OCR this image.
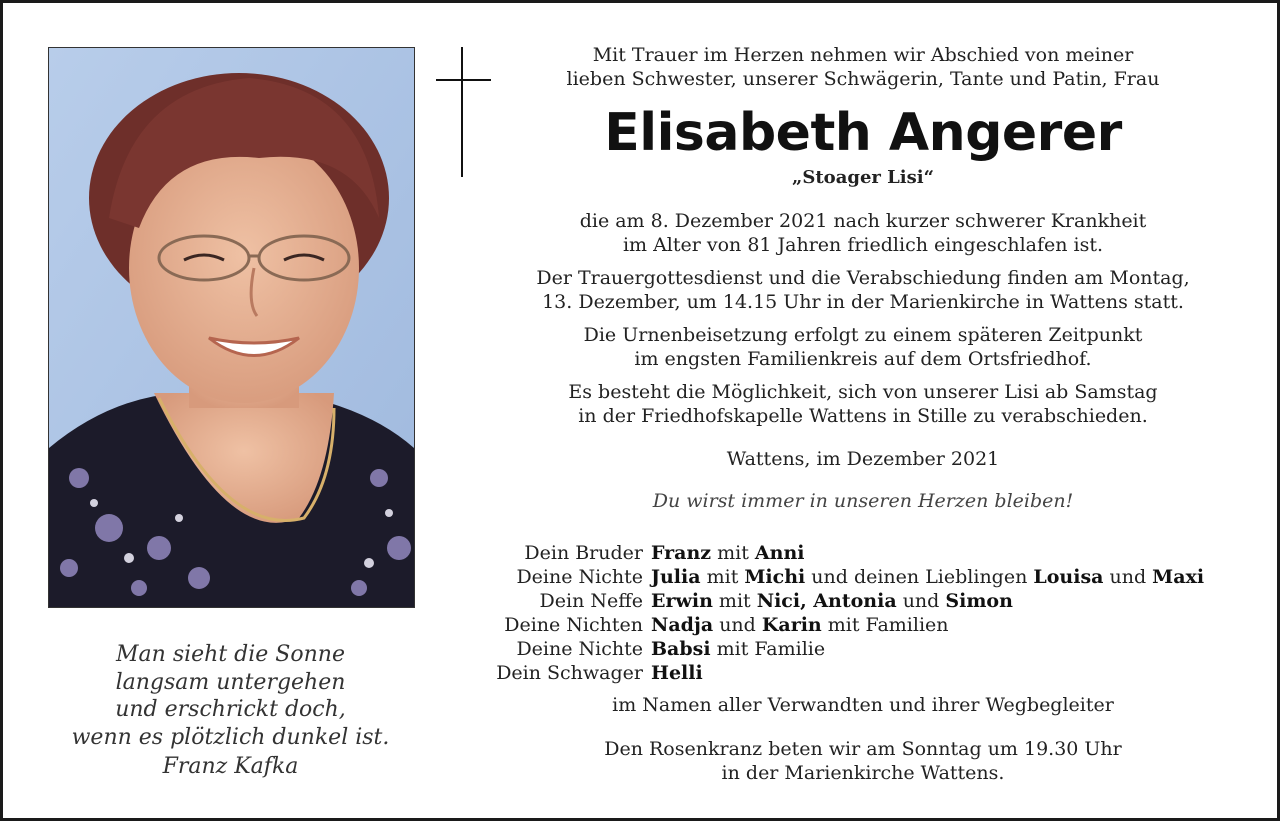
Man sieht die Sonne
langsam untergehen
und erschrickt doch,
wenn es plötzlich dunkel ist.
Franz Kafka

Mit Trauer im Herzen nehmen wir Abschied von meiner

lieben Schwester, unserer Schwägerin, Tante und Patin, Frau

Elisabeth Angerer
„Stoager Lisi“

die am 8. Dezember 2021 nach kurzer schwerer Krankheit

im Alter von 81 Jahren friedlich eingeschlafen ist.

Der Trauergottesdienst und die Verabschiedung finden am Montag,

13. Dezember, um 14.15 Uhr in der Marienkirche in Wattens statt.

Die Urnenbeisetzung erfolgt zu einem späteren Zeitpunkt

im engsten Familienkreis auf dem Ortsfriedhof.

Es besteht die Möglichkeit, sich von unserer Lisi ab Samstag

in der Friedhofskapelle Wattens in Stille zu verabschieden.

Wattens, im Dezember 2021
Du wirst immer in unseren Herzen bleiben!
Dein Bruder Franz mit Anni
Deine Nichte Julia mit Michi und deinen Lieblingen Louisa und Maxi
Dein Neffe Erwin mit Nici, Antonia und Simon
Deine Nichten Nadja und Karin mit Familien
Deine Nichte Babsi mit Familie
Dein Schwager Helli
im Namen aller Verwandten und ihrer Wegbegleiter
Den Rosenkranz beten wir am Sonntag um 19.30 Uhr
in der Marienkirche Wattens.
